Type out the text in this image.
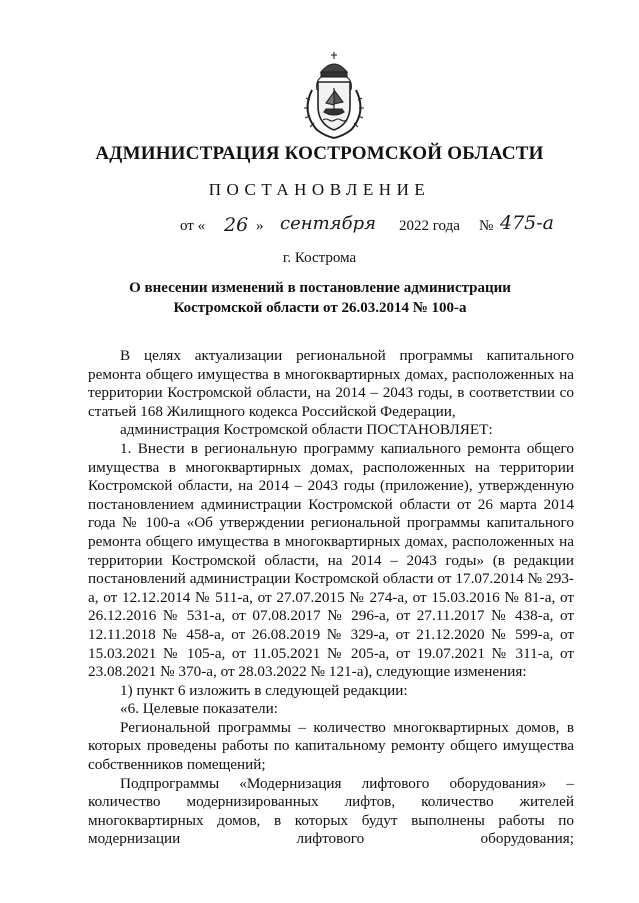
АДМИНИСТРАЦИЯ КОСТРОМСКОЙ ОБЛАСТИ
ПОСТАНОВЛЕНИЕ
от « 26 » сентября 2022 года № 475-а
г. Кострома
О внесении изменений в постановление администрации
Костромской области от 26.03.2014 № 100-а

В целях актуализации региональной программы капитального ремонта общего имущества в многоквартирных домах, расположенных на территории Костромской области, на 2014 – 2043 годы, в соответствии со статьей 168 Жилищного кодекса Российской Федерации,

администрация Костромской области ПОСТАНОВЛЯЕТ:

1. Внести в региональную программу капиального ремонта общего имущества в многоквартирных домах, расположенных на территории Костромской области, на 2014 – 2043 годы (приложение), утвержденную постановлением администрации Костромской области от 26 марта 2014 года № 100-а «Об утверждении региональной программы капитального ремонта общего имущества в многоквартирных домах, расположенных на территории Костромской области, на 2014 – 2043 годы» (в редакции постановлений администрации Костромской области от 17.07.2014 № 293-а, от 12.12.2014 № 511-а, от 27.07.2015 № 274-а, от 15.03.2016 № 81-а, от 26.12.2016 № 531-а, от 07.08.2017 № 296-а, от 27.11.2017 № 438-а, от 12.11.2018 № 458-а, от 26.08.2019 № 329-а, от 21.12.2020 № 599-а, от 15.03.2021 № 105-а, от 11.05.2021 № 205-а, от 19.07.2021 № 311-а, от 23.08.2021 № 370-а, от 28.03.2022 № 121-а), следующие изменения:

1) пункт 6 изложить в следующей редакции:

«6. Целевые показатели:

Региональной программы – количество многоквартирных домов, в которых проведены работы по капитальному ремонту общего имущества собственников помещений;

Подпрограммы «Модернизация лифтового оборудования» – количество модернизированных лифтов, количество жителей многоквартирных домов, в которых будут выполнены работы по модернизации лифтового оборудования;
